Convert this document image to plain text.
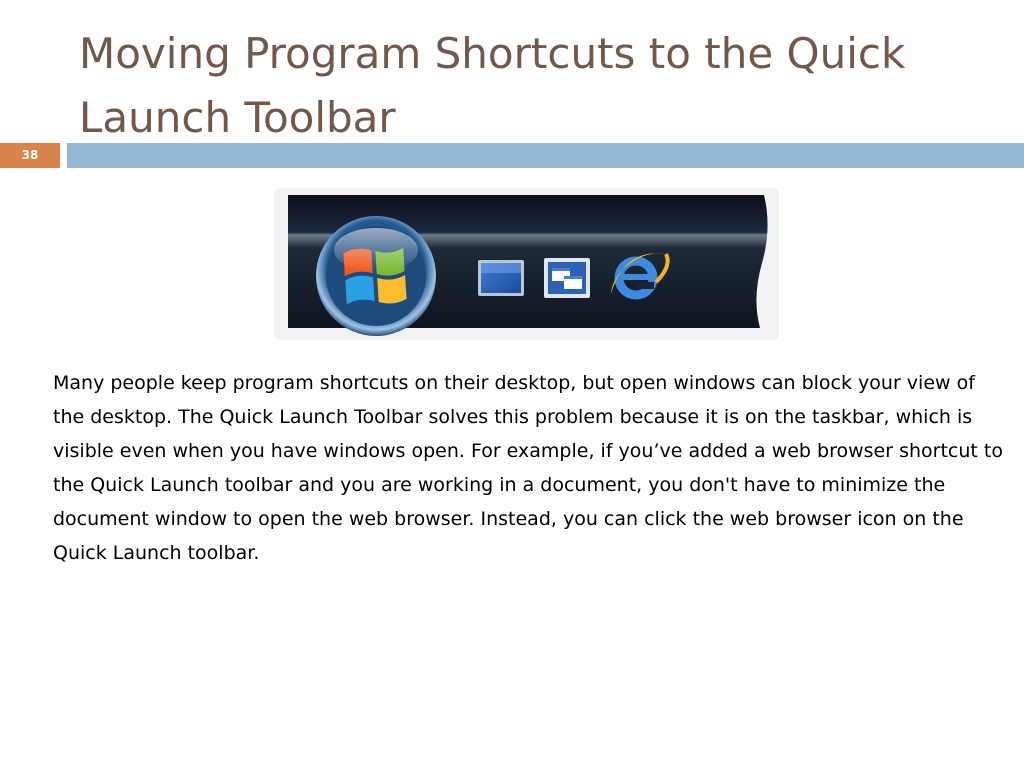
Moving Program Shortcuts to the Quick Launch Toolbar
38

Many people keep program shortcuts on their desktop, but open windows can block your view of the desktop. The Quick Launch Toolbar solves this problem because it is on the taskbar, which is visible even when you have windows open. For example, if you’ve added a web browser shortcut to the Quick Launch toolbar and you are working in a document, you don't have to minimize the document window to open the web browser. Instead, you can click the web browser icon on the Quick Launch toolbar.
